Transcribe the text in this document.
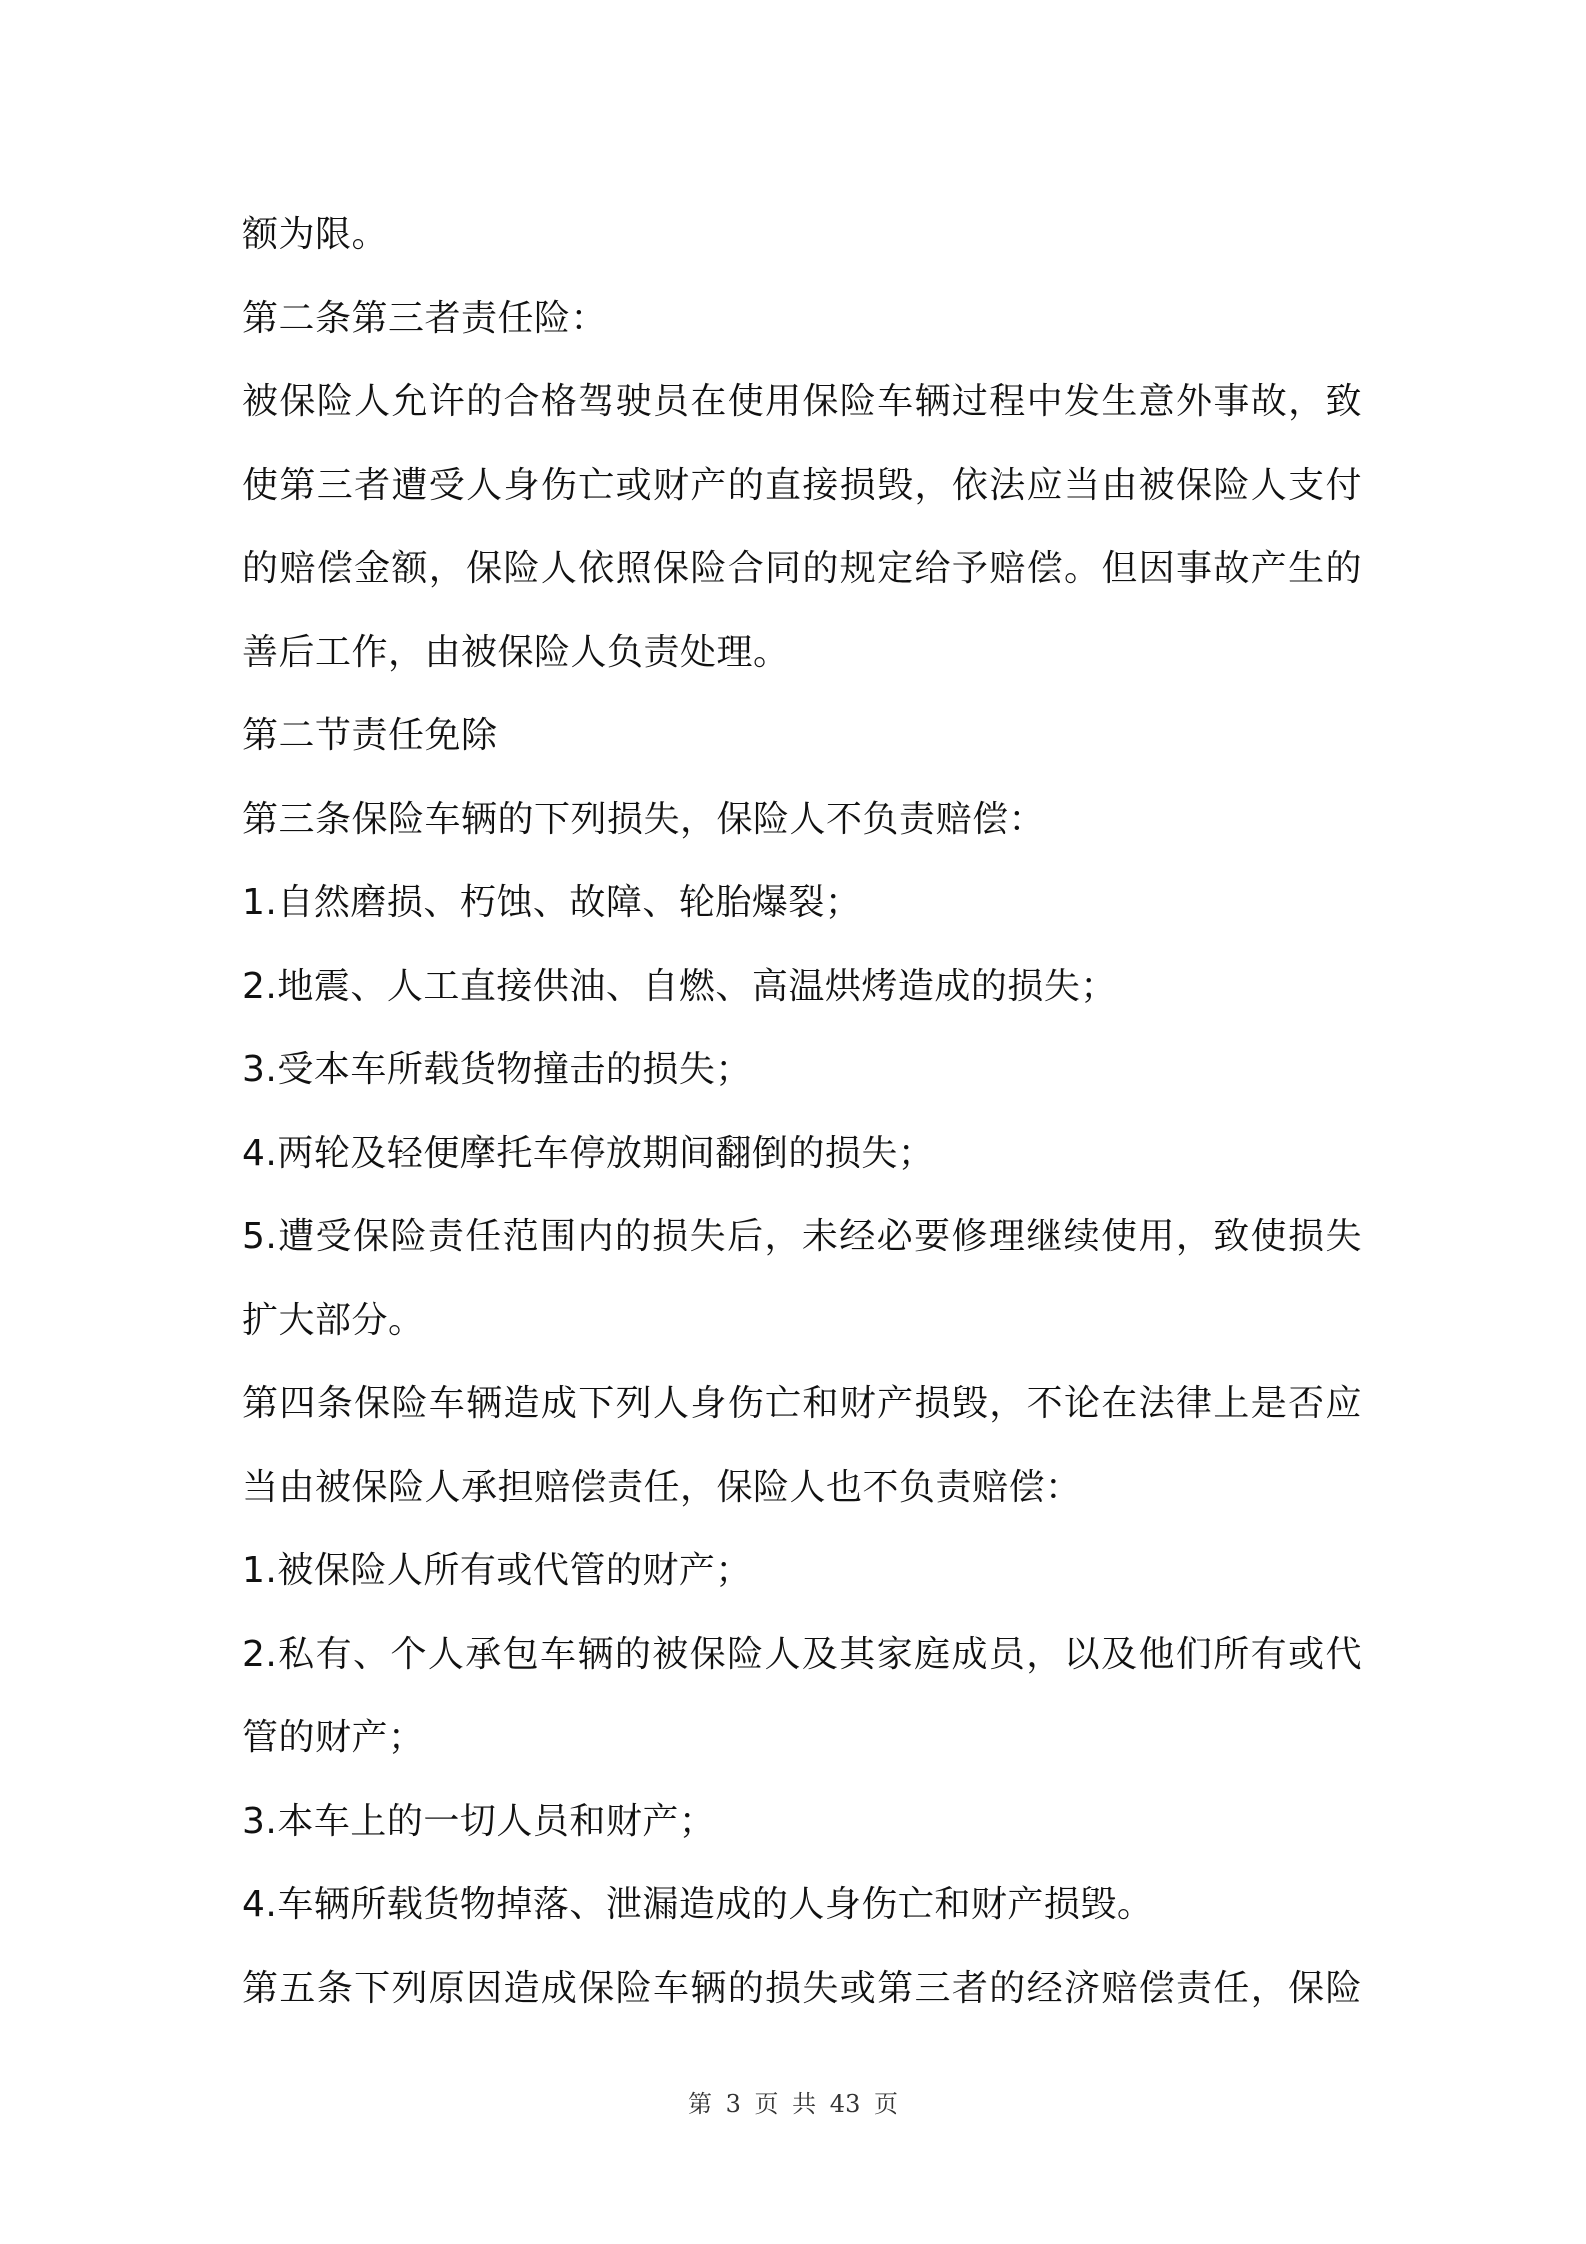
额为限。
第二条第三者责任险：
被保险人允许的合格驾驶员在使用保险车辆过程中发生意外事故，致
使第三者遭受人身伤亡或财产的直接损毁，依法应当由被保险人支付
的赔偿金额，保险人依照保险合同的规定给予赔偿。但因事故产生的
善后工作，由被保险人负责处理。
第二节责任免除
第三条保险车辆的下列损失，保险人不负责赔偿：
1.自然磨损、朽蚀、故障、轮胎爆裂；
2.地震、人工直接供油、自燃、高温烘烤造成的损失；
3.受本车所载货物撞击的损失；
4.两轮及轻便摩托车停放期间翻倒的损失；
5.遭受保险责任范围内的损失后，未经必要修理继续使用，致使损失
扩大部分。
第四条保险车辆造成下列人身伤亡和财产损毁，不论在法律上是否应
当由被保险人承担赔偿责任，保险人也不负责赔偿：
1.被保险人所有或代管的财产；
2.私有、个人承包车辆的被保险人及其家庭成员，以及他们所有或代
管的财产；
3.本车上的一切人员和财产；
4.车辆所载货物掉落、泄漏造成的人身伤亡和财产损毁。
第五条下列原因造成保险车辆的损失或第三者的经济赔偿责任，保险
第 3 页 共 43 页
